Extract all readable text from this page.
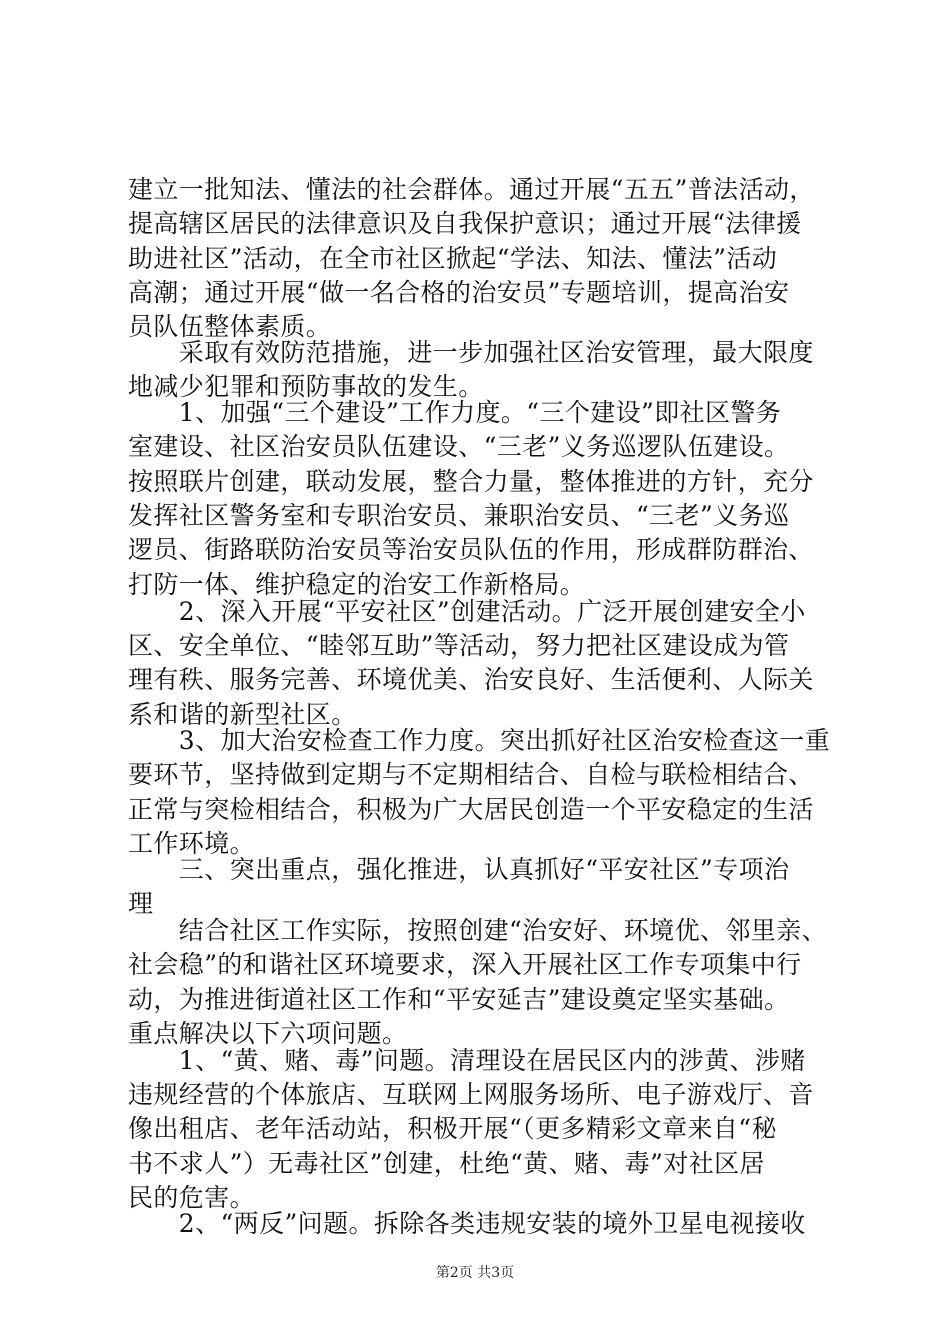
建立一批知法、懂法的社会群体。通过开展“五五”普法活动，
提高辖区居民的法律意识及自我保护意识；通过开展“法律援
助进社区”活动，在全市社区掀起“学法、知法、懂法”活动
高潮；通过开展“做一名合格的治安员”专题培训，提高治安
员队伍整体素质。
　　采取有效防范措施，进一步加强社区治安管理，最大限度
地减少犯罪和预防事故的发生。
　　1、加强“三个建设”工作力度。“三个建设”即社区警务
室建设、社区治安员队伍建设、“三老”义务巡逻队伍建设。
按照联片创建，联动发展，整合力量，整体推进的方针，充分
发挥社区警务室和专职治安员、兼职治安员、“三老”义务巡
逻员、街路联防治安员等治安员队伍的作用，形成群防群治、
打防一体、维护稳定的治安工作新格局。
　　2、深入开展“平安社区”创建活动。广泛开展创建安全小
区、安全单位、“睦邻互助”等活动，努力把社区建设成为管
理有秩、服务完善、环境优美、治安良好、生活便利、人际关
系和谐的新型社区。
　　3、加大治安检查工作力度。突出抓好社区治安检查这一重
要环节，坚持做到定期与不定期相结合、自检与联检相结合、
正常与突检相结合，积极为广大居民创造一个平安稳定的生活
工作环境。
　　三、突出重点，强化推进，认真抓好“平安社区”专项治
理
　　结合社区工作实际，按照创建“治安好、环境优、邻里亲、
社会稳”的和谐社区环境要求，深入开展社区工作专项集中行
动，为推进街道社区工作和“平安延吉”建设奠定坚实基础。
重点解决以下六项问题。
　　1、“黄、赌、毒”问题。清理设在居民区内的涉黄、涉赌
违规经营的个体旅店、互联网上网服务场所、电子游戏厅、音
像出租店、老年活动站，积极开展“（更多精彩文章来自“秘
书不求人”）无毒社区”创建，杜绝“黄、赌、毒”对社区居
民的危害。
　　2、“两反”问题。拆除各类违规安装的境外卫星电视接收
第2页 共3页
